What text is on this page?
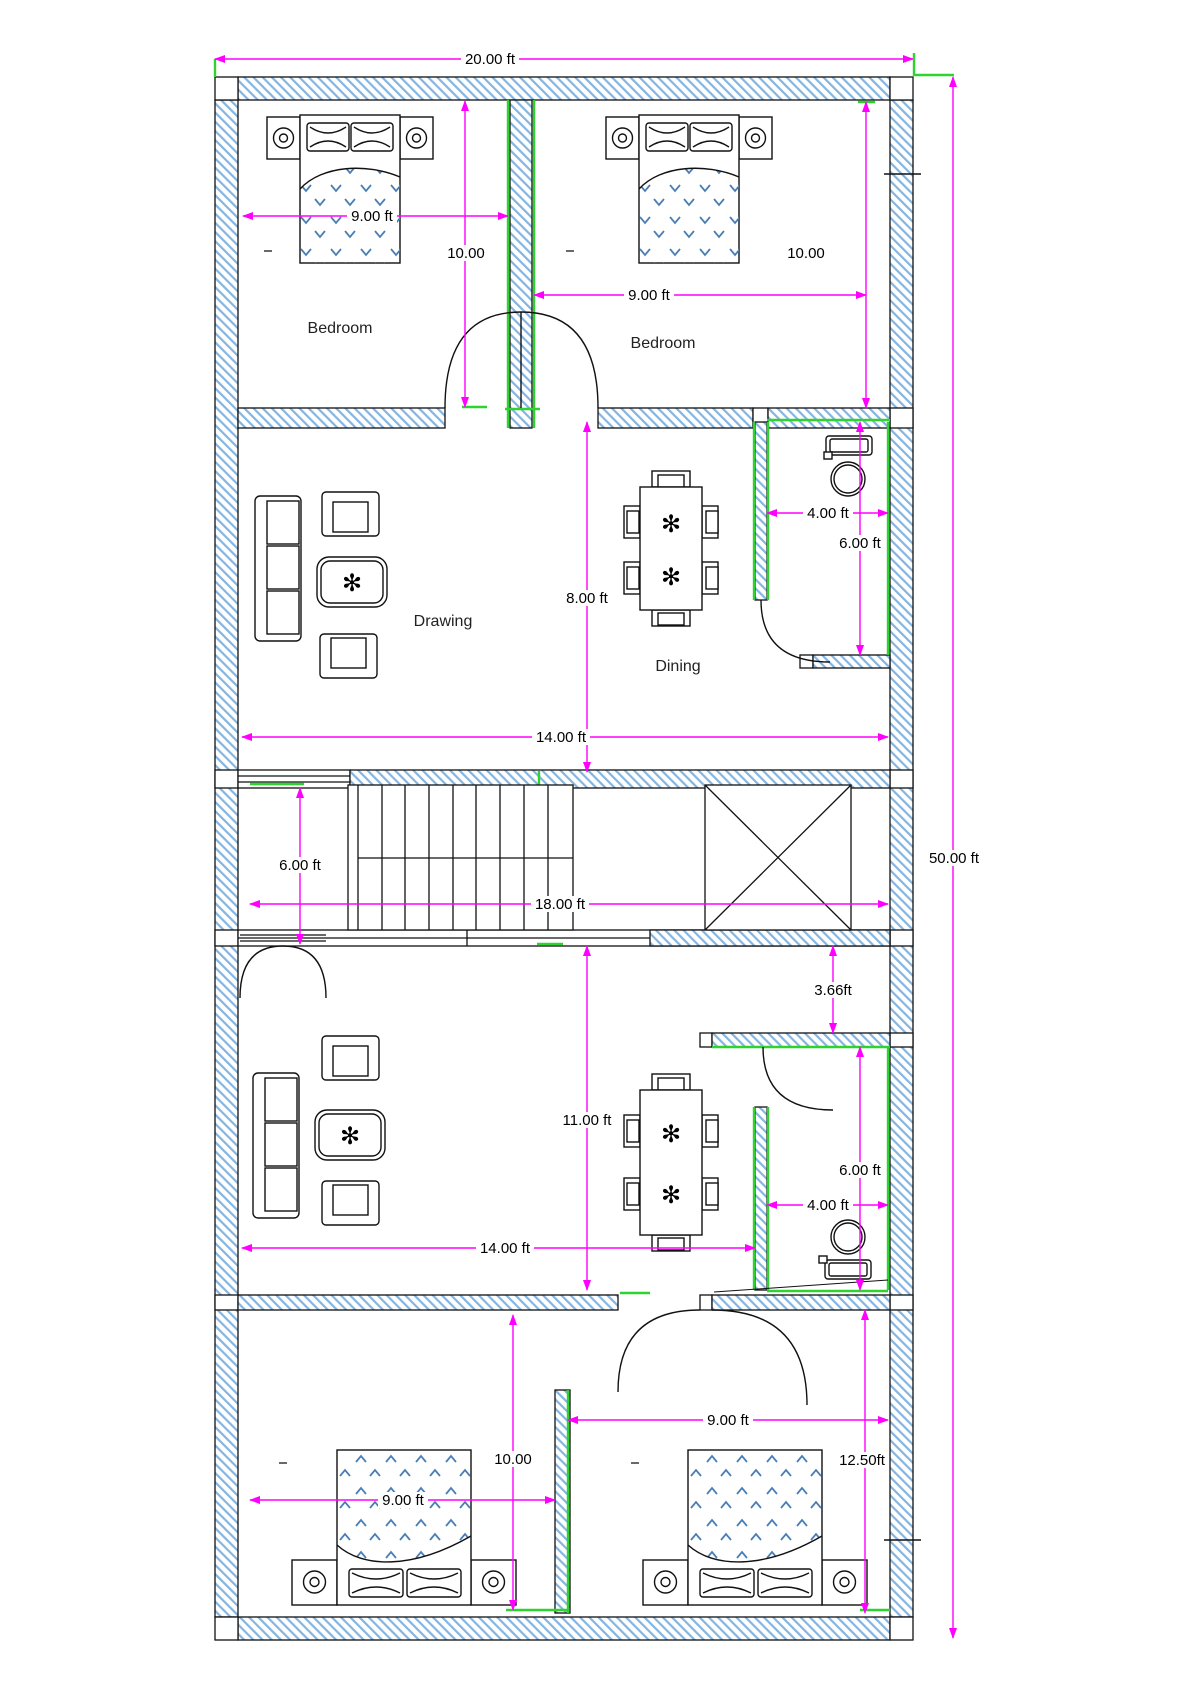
✻
✻
✻
✻
✻
✻
20.00 ft
50.00 ft
9.00 ft
10.00	10.00
9.00 ft
4.00 ft
6.00 ft
8.00 ft
14.00 ft
6.00 ft
18.00 ft
3.66ft
11.00 ft
6.00 ft
4.00 ft
14.00 ft
9.00 ft
10.00	12.50ft
9.00 ft
Bedroom
Bedroom
Drawing
Dining
